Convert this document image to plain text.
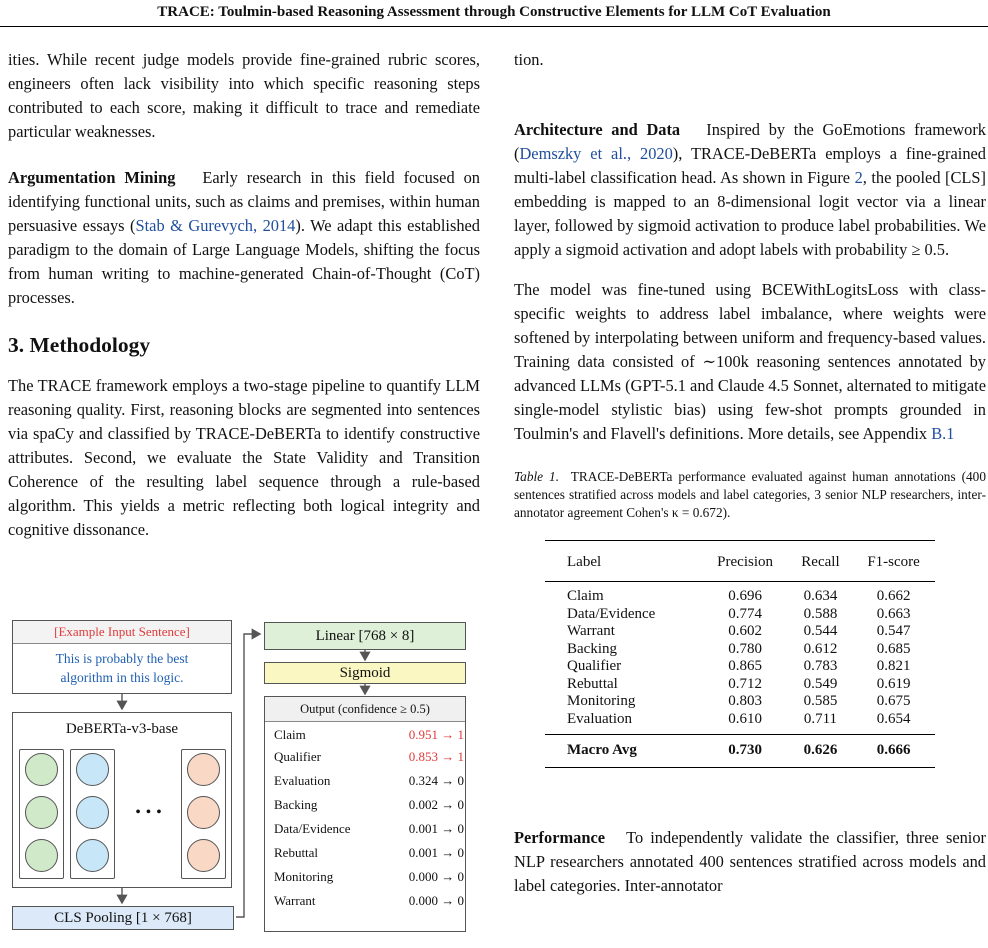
TRACE: Toulmin-based Reasoning Assessment through Constructive Elements for LLM CoT Evaluation

ities. While recent judge models provide fine-grained rubric scores, engineers often lack visibility into which specific reasoning steps contributed to each score, making it difficult to trace and remediate particular weaknesses.

Argumentation Mining Early research in this field focused on identifying functional units, such as claims and premises, within human persuasive essays (Stab & Gurevych, 2014). We adapt this established paradigm to the domain of Large Language Models, shifting the focus from human writing to machine-generated Chain-of-Thought (CoT) processes.

3. Methodology

The TRACE framework employs a two-stage pipeline to quantify LLM reasoning quality. First, reasoning blocks are segmented into sentences via spaCy and classified by TRACE-DeBERTa to identify constructive attributes. Second, we evaluate the State Validity and Transition Coherence of the resulting label sequence through a rule-based algorithm. This yields a metric reflecting both logical integrity and cognitive dissonance.

[Example Input Sentence]
This is probably the best
algorithm in this logic.
DeBERTa-v3-base
• • •
CLS Pooling [1 × 768]
Linear [768 × 8]
Sigmoid
Output (confidence ≥ 0.5)
Claim	0.951 → 1
Qualifier	0.853 → 1
Evaluation	0.324 → 0
Backing	0.002 → 0
Data/Evidence	0.001 → 0
Rebuttal	0.001 → 0
Monitoring	0.000 → 0
Warrant	0.000 → 0

tion.

Architecture and Data Inspired by the GoEmotions framework (Demszky et al., 2020), TRACE-DeBERTa employs a fine-grained multi-label classification head. As shown in Figure 2, the pooled [CLS] embedding is mapped to an 8-dimensional logit vector via a linear layer, followed by sigmoid activation to produce label probabilities. We apply a sigmoid activation and adopt labels with probability ≥ 0.5.

The model was fine-tuned using BCEWithLogitsLoss with class-specific weights to address label imbalance, where weights were softened by interpolating between uniform and frequency-based values. Training data consisted of ∼100k reasoning sentences annotated by advanced LLMs (GPT-5.1 and Claude 4.5 Sonnet, alternated to mitigate single-model stylistic bias) using few-shot prompts grounded in Toulmin's and Flavell's definitions. More details, see Appendix B.1

Table 1. TRACE-DeBERTa performance evaluated against human annotations (400 sentences stratified across models and label categories, 3 senior NLP researchers, inter-annotator agreement Cohen's κ = 0.672).

Label	Precision	Recall	F1-score
Claim	0.696	0.634	0.662
Data/Evidence	0.774	0.588	0.663
Warrant	0.602	0.544	0.547
Backing	0.780	0.612	0.685
Qualifier	0.865	0.783	0.821
Rebuttal	0.712	0.549	0.619
Monitoring	0.803	0.585	0.675
Evaluation	0.610	0.711	0.654
Macro Avg	0.730	0.626	0.666

Performance To independently validate the classifier, three senior NLP researchers annotated 400 sentences stratified across models and label categories. Inter-annotator
